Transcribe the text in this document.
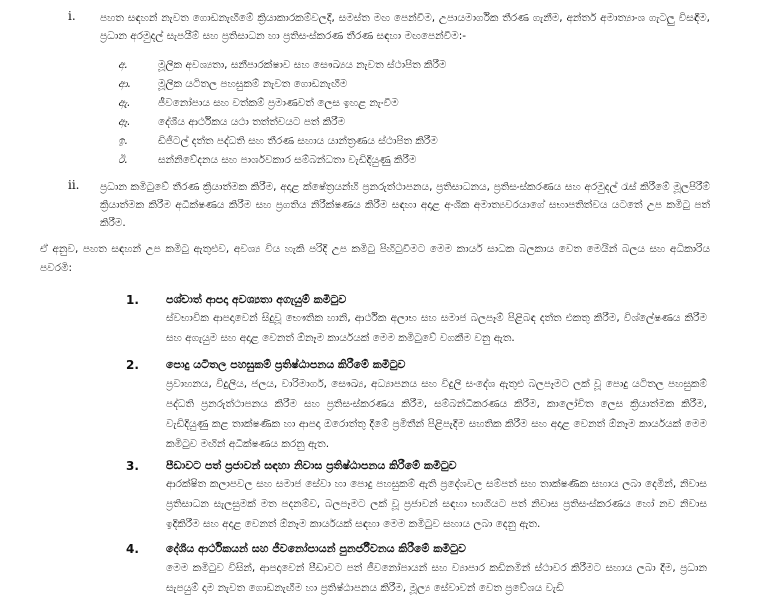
i. පහත සඳහන් නැවත ගොඩනැඟීමේ ක්‍රියාකාරකම්වලදී, සමස්ත මඟ පෙන්වීම, උපායමාර්ගික තීරණ ගැනීම, අන්තර් අමාත්‍යාංශ ගැටලු විසඳීම, ප්‍රධාන අරමුදල් සැපයීම් සහ ප්‍රතිසාධන හා ප්‍රතිසංස්කරණ තීරණ සඳහා මඟපෙන්වීම:-
අ.	මූලික අවශ්‍යතා, සනීපාරක්ෂාව සහ සෞඛ්‍යය නැවත ස්ථාපිත කිරීම
ආ.	මූලික යටිතල පහසුකම් නැවත ගොඩනැඟීම
ඇ.	ජීවනෝපාය සහ වත්කම් ප්‍රමාණවත් ලෙස ඉහළ නැංවීම
ඈ.	දේශීය ආර්ථිකය යථා තත්ත්වයට පත් කිරීම
ඉ.	ඩිජිටල් දත්ත පද්ධති සහ තීරණ සහාය යාන්ත්‍රණය ස්ථාපිත කිරීම
ඊ.	සන්නිවේදනය සහ පාර්ශවකාර සම්බන්ධතා වැඩිදියුණු කිරීම
ii. ප්‍රධාන කමිටුවේ තීරණ ක්‍රියාත්මක කිරීම, අදාළ ක්ෂේත්‍රයන්හි ප්‍රනරුත්ථාපනය, ප්‍රතිසාධනය, ප්‍රතිසංස්කරණය සහ අරමුදල් රැස් කිරීමේ මූලපිරීම් ක්‍රියාත්මක කිරීම අධීක්ෂණය කිරීම සහ ප්‍රගතිය නිරීක්ෂණය කිරීම සඳහා අදාළ අංශික අමාත්‍යවරයාගේ සභාපතිත්වය යටතේ උප කමිටු පත් කිරීම.
ඒ අනුව, පහත සඳහන් උප කමිටු ඇතුළුව, අවශ්‍ය විය හැකි පරිදි උප කමිටු පිහිටුවීමට මෙම කාර්ය සාධක බලකාය වෙත මෙයින් බලය සහ අධිකාරිය පවරමි:
1. පශ්චාත් ආපදා අවශ්‍යතා අගැයුම් කමිටුව
ස්වභාවික ආපදාවෙන් සිදුවූ භෞතික හානි, ආර්ථික අලාභ සහ සමාජ බලපෑම් පිළිබඳ දත්ත එකතු කිරීම, විශ්ලේෂණය කිරීම සහ අගැයුම සහ අදාළ වෙනත් ඕනෑම කාර්යයක් මෙම කමිටුවේ වගකීම වනු ඇත.
2. පොදු යටිතල පහසුකම් ප්‍රතිෂ්ඨාපනය කිරීමේ කමිටුව
ප්‍රවාහනය, විදුලිය, ජලය, වාරිමාර්ග, සෞඛ්‍ය, අධ්‍යාපනය සහ විදුලි සංදේශ ඇතුළු බලපෑමට ලක් වූ පොදු යටිතල පහසුකම් පද්ධති ප්‍රනරුත්ථාපනය කිරීම සහ ප්‍රතිසංස්කරණය කිරීම, සම්බන්ධීකරණය කිරීම, කාලෝචිත ලෙස ක්‍රියාත්මක කිරීම, වැඩිදියුණු කළ තාක්ෂණික හා ආපදා ඔරොත්තු දීමේ ප්‍රමිතීන් පිළිපැදීම සහතික කිරීම සහ අදාළ වෙනත් ඕනෑම කාර්යයක් මෙම කමිටුව මඟින් අධීක්ෂණය කරනු ඇත.
3. පීඩාවට පත් ප්‍රජාවන් සඳහා නිවාස ප්‍රතිෂ්ඨාපනය කිරීමේ කමිටුව
ආරක්ෂිත කලාපවල සහ සමාජ සේවා හා පොදු පහසුකම් ඇති ප්‍රදේශවල සම්පත් සහ තාක්ෂණික සහාය ලබා දෙමින්, නිවාස ප්‍රතිසාධන සැලසුමක් මත පදනම්ව, බලපෑමට ලක් වූ ප්‍රජාවන් සඳහා භාගියට පත් නිවාස ප්‍රතිසංස්කරණය හෝ නව නිවාස ඉදිකිරීම සහ අදාළ වෙනත් ඕනෑම කාර්යයක් සඳහා මෙම කමිටුව සහාය ලබා දෙනු ඇත.
4. දේශීය ආර්ථිකයන් සහ ජීවනෝපායන් පුනර්ජීවනය කිරීමේ කමිටුව
මෙම කමිටුව විසින්, ආපදාවෙන් පීඩාවට පත් ජීවනෝපායන් සහ ව්‍යාපාර කඩිනමින් ස්ථාවර කිරීමට සහාය ලබා දීම, ප්‍රධාන සැපයුම් දාම නැවත ගොඩනැඟීම හා ප්‍රතිෂ්ඨාපනය කිරීම, මූල්‍ය සේවාවන් වෙත ප්‍රවේශය වැඩි
